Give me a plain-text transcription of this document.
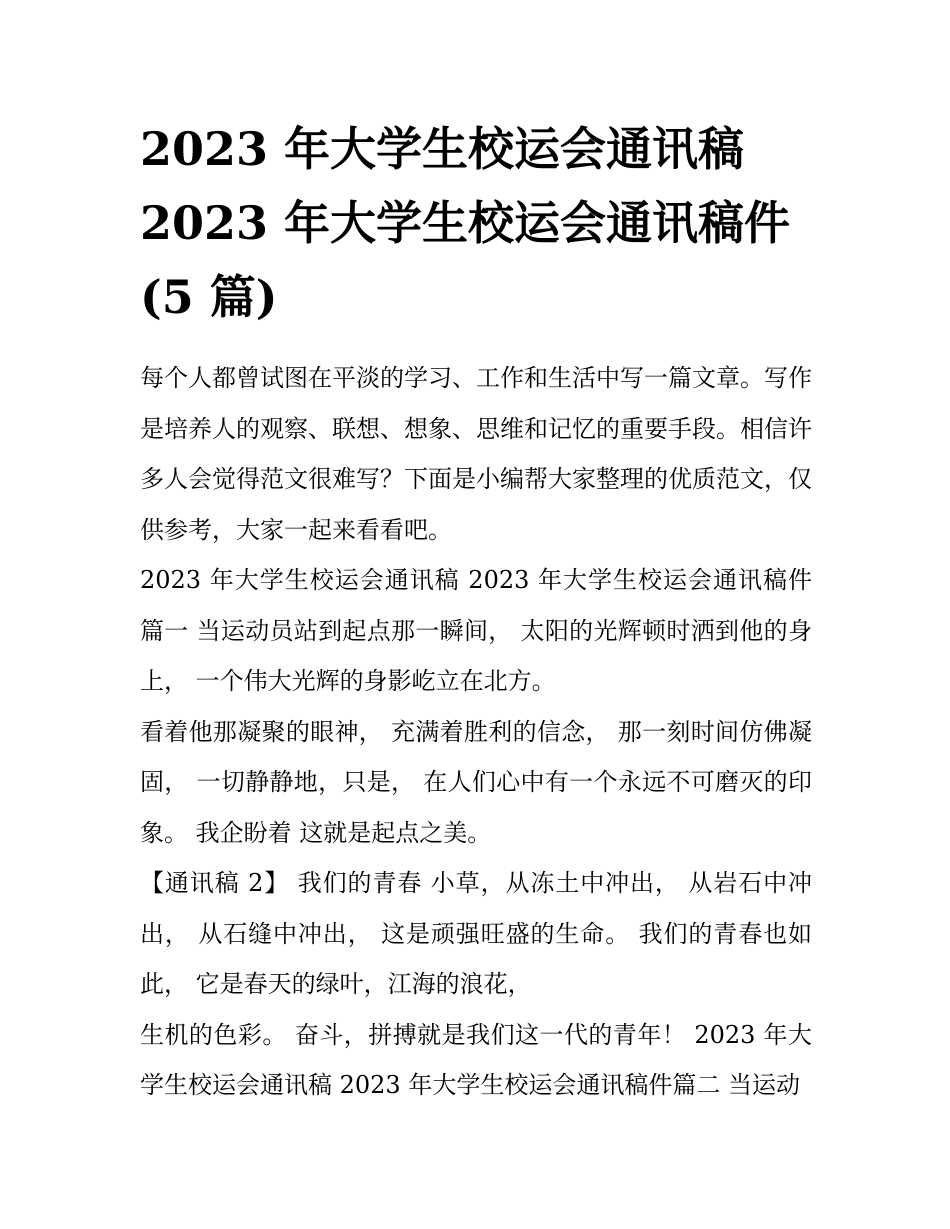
2023 年大学生校运会通讯稿
2023 年大学生校运会通讯稿件
(5 篇)

每个人都曾试图在平淡的学习、工作和生活中写一篇文章。写作是培养人的观察、联想、想象、思维和记忆的重要手段。相信许多人会觉得范文很难写？下面是小编帮大家整理的优质范文，仅供参考，大家一起来看看吧。

2023 年大学生校运会通讯稿 2023 年大学生校运会通讯稿件篇一 当运动员站到起点那一瞬间， 太阳的光辉顿时洒到他的身上， 一个伟大光辉的身影屹立在北方。

看着他那凝聚的眼神， 充满着胜利的信念， 那一刻时间仿佛凝固， 一切静静地，只是， 在人们心中有一个永远不可磨灭的印象。 我企盼着 这就是起点之美。

【通讯稿 2】 我们的青春 小草，从冻土中冲出， 从岩石中冲出， 从石缝中冲出， 这是顽强旺盛的生命。 我们的青春也如此， 它是春天的绿叶，江海的浪花，

生机的色彩。 奋斗，拼搏就是我们这一代的青年！ 2023 年大学生校运会通讯稿 2023 年大学生校运会通讯稿件篇二 当运动
